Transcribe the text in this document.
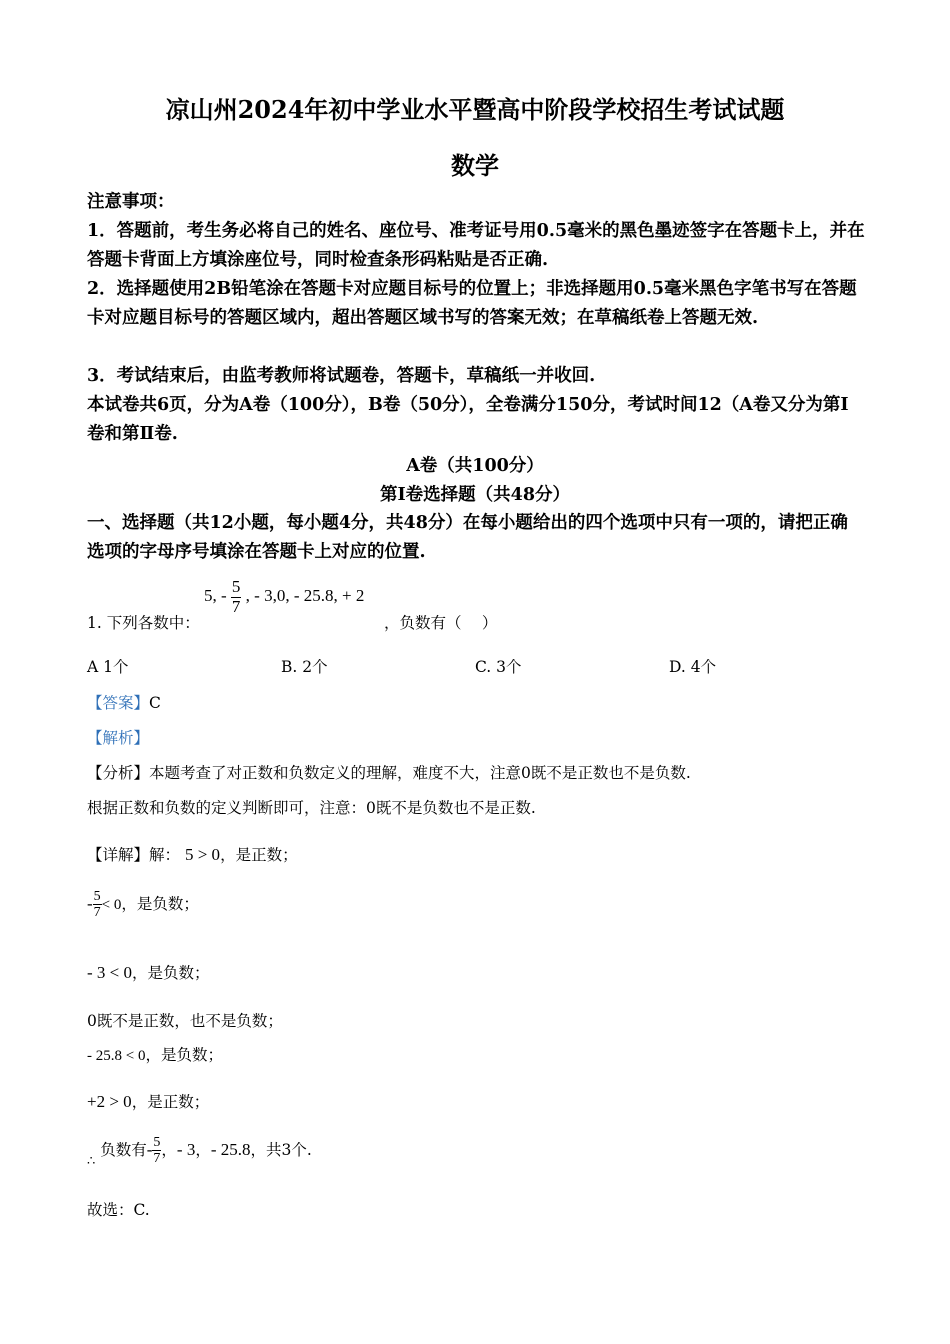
凉山州2024年初中学业水平暨高中阶段学校招生考试试题
数学
注意事项：
1．答题前，考生务必将自己的姓名、座位号、准考证号用0.5毫米的黑色墨迹签字在答题卡上，并在答题卡背面上方填涂座位号，同时检查条形码粘贴是否正确.
2．选择题使用2B铅笔涂在答题卡对应题目标号的位置上；非选择题用0.5毫米黑色字笔书写在答题卡对应题目标号的答题区域内，超出答题区域书写的答案无效；在草稿纸卷上答题无效.
3．考试结束后，由监考教师将试题卷，答题卡，草稿纸一并收回.
本试卷共6页，分为A卷（100分），B卷（50分），全卷满分150分，考试时间12（A卷又分为第Ⅰ卷和第Ⅱ卷.
A卷（共100分）
第Ⅰ卷选择题（共48分）
一、选择题（共12小题，每小题4分，共48分）在每小题给出的四个选项中只有一项的，请把正确选项的字母序号填涂在答题卡上对应的位置.
1. 下列各数中：
5, - $\frac{5}{7}$ , - 3,0, - 25.8, + 2
，负数有（　 ）
A 1个	B. 2个	C. 3个	D. 4个
【答案】C
【解析】
【分析】本题考查了对正数和负数定义的理解，难度不大，注意0既不是正数也不是负数.
根据正数和负数的定义判断即可，注意：0既不是负数也不是正数.
【详解】解： 5 > 0，是正数；
- $\frac{5}{7} < 0$，是负数；
- 3 < 0，是负数；
0既不是正数，也不是负数；
- 25.8 < 0，是负数；
+2 > 0，是正数；
∴ 负数有- $\frac{5}{7}$ ，- 3，- 25.8，共3个.
故选：C.
